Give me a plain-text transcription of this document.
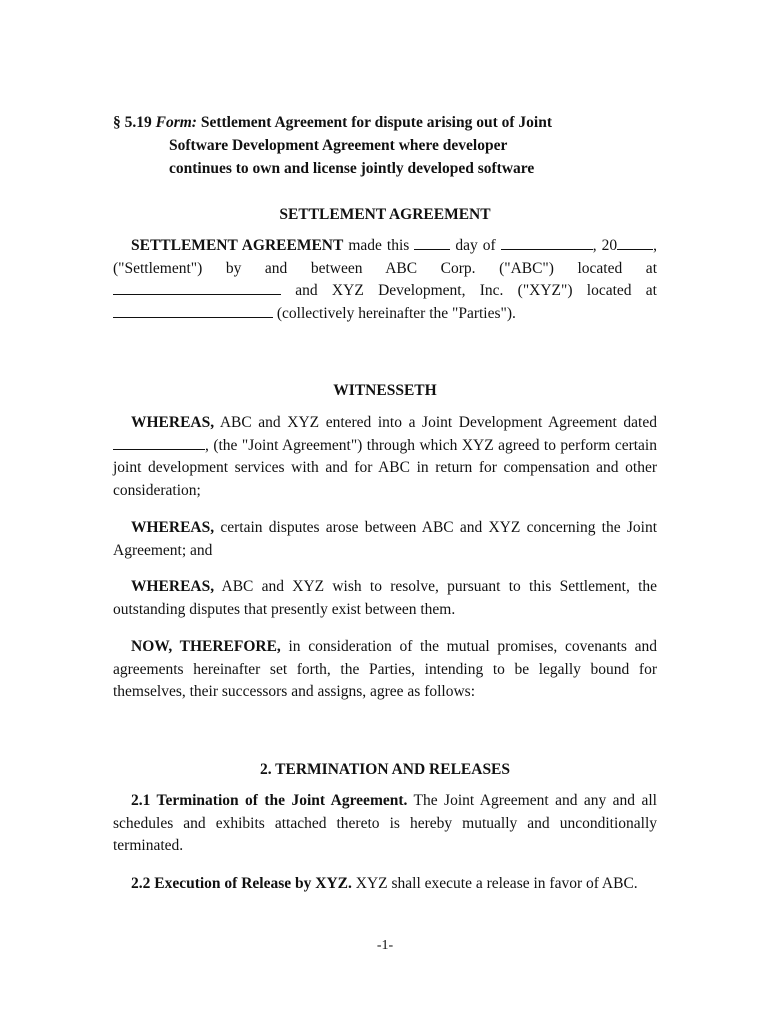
§ 5.19 Form: Settlement Agreement for dispute arising out of Joint
Software Development Agreement where developer
continues to own and license jointly developed software
SETTLEMENT AGREEMENT

SETTLEMENT AGREEMENT made this  day of	, 20 , ("Settlement") by and between ABC Corp. ("ABC") located at  and XYZ Development, Inc. ("XYZ") located at  (collectively hereinafter the "Parties").

WITNESSETH

WHEREAS, ABC and XYZ entered into a Joint Development Agreement dated , (the "Joint Agreement") through which XYZ agreed to perform certain joint development services with and for ABC in return for compensation and other consideration;

WHEREAS, certain disputes arose between ABC and XYZ concerning the Joint Agreement; and

WHEREAS, ABC and XYZ wish to resolve, pursuant to this Settlement, the outstanding disputes that presently exist between them.

NOW, THEREFORE, in consideration of the mutual promises, covenants and agreements hereinafter set forth, the Parties, intending to be legally bound for themselves, their successors and assigns, agree as follows:

2. TERMINATION AND RELEASES

2.1 Termination of the Joint Agreement. The Joint Agreement and any and all schedules and exhibits attached thereto is hereby mutually and unconditionally terminated.

2.2 Execution of Release by XYZ. XYZ shall execute a release in favor of ABC.

-1-
